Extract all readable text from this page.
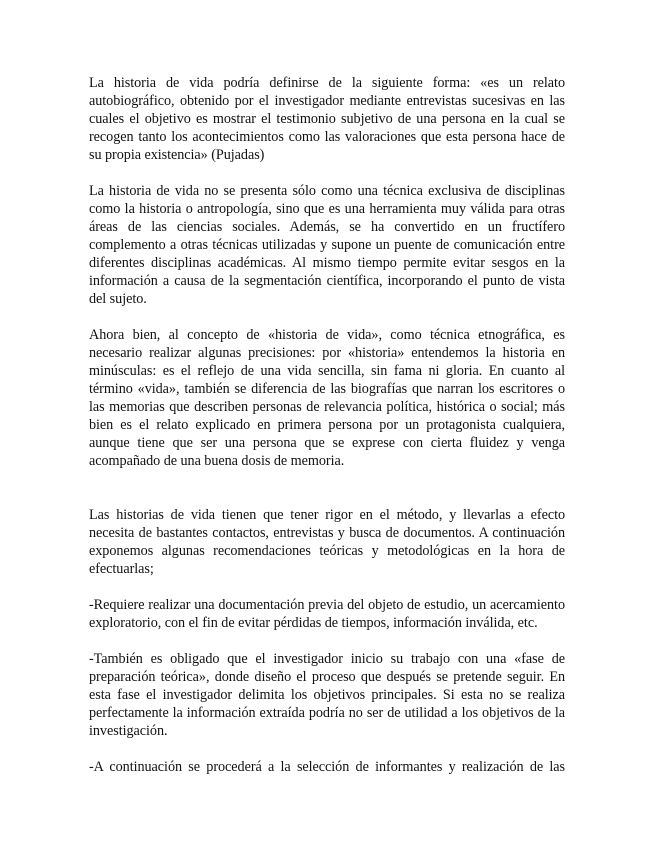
La historia de vida podría definirse de la siguiente forma: «es un relato autobiográfico, obtenido por el investigador mediante entrevistas sucesivas en las cuales el objetivo es mostrar el testimonio subjetivo de una persona en la cual se recogen tanto los acontecimientos como las valoraciones que esta persona hace de su propia existencia» (Pujadas)

La historia de vida no se presenta sólo como una técnica exclusiva de disciplinas como la historia o antropología, sino que es una herramienta muy válida para otras áreas de las ciencias sociales. Además, se ha convertido en un fructífero complemento a otras técnicas utilizadas y supone un puente de comunicación entre diferentes disciplinas académicas. Al mismo tiempo permite evitar sesgos en la información a causa de la segmentación científica, incorporando el punto de vista del sujeto.

Ahora bien, al concepto de «historia de vida», como técnica etnográfica, es necesario realizar algunas precisiones: por «historia» entendemos la historia en minúsculas: es el reflejo de una vida sencilla, sin fama ni gloria. En cuanto al término «vida», también se diferencia de las biografías que narran los escritores o las memorias que describen personas de relevancia política, histórica o social; más bien es el relato explicado en primera persona por un protagonista cualquiera, aunque tiene que ser una persona que se exprese con cierta fluidez y venga acompañado de una buena dosis de memoria.

Las historias de vida tienen que tener rigor en el método, y llevarlas a efecto necesita de bastantes contactos, entrevistas y busca de documentos. A continuación exponemos algunas recomendaciones teóricas y metodológicas en la hora de efectuarlas;

-Requiere realizar una documentación previa del objeto de estudio, un acercamiento exploratorio, con el fin de evitar pérdidas de tiempos, información inválida, etc.

-También es obligado que el investigador inicio su trabajo con una «fase de preparación teórica», donde diseño el proceso que después se pretende seguir. En esta fase el investigador delimita los objetivos principales. Si esta no se realiza perfectamente la información extraída podría no ser de utilidad a los objetivos de la investigación.

-A continuación se procederá a la selección de informantes y realización de las
